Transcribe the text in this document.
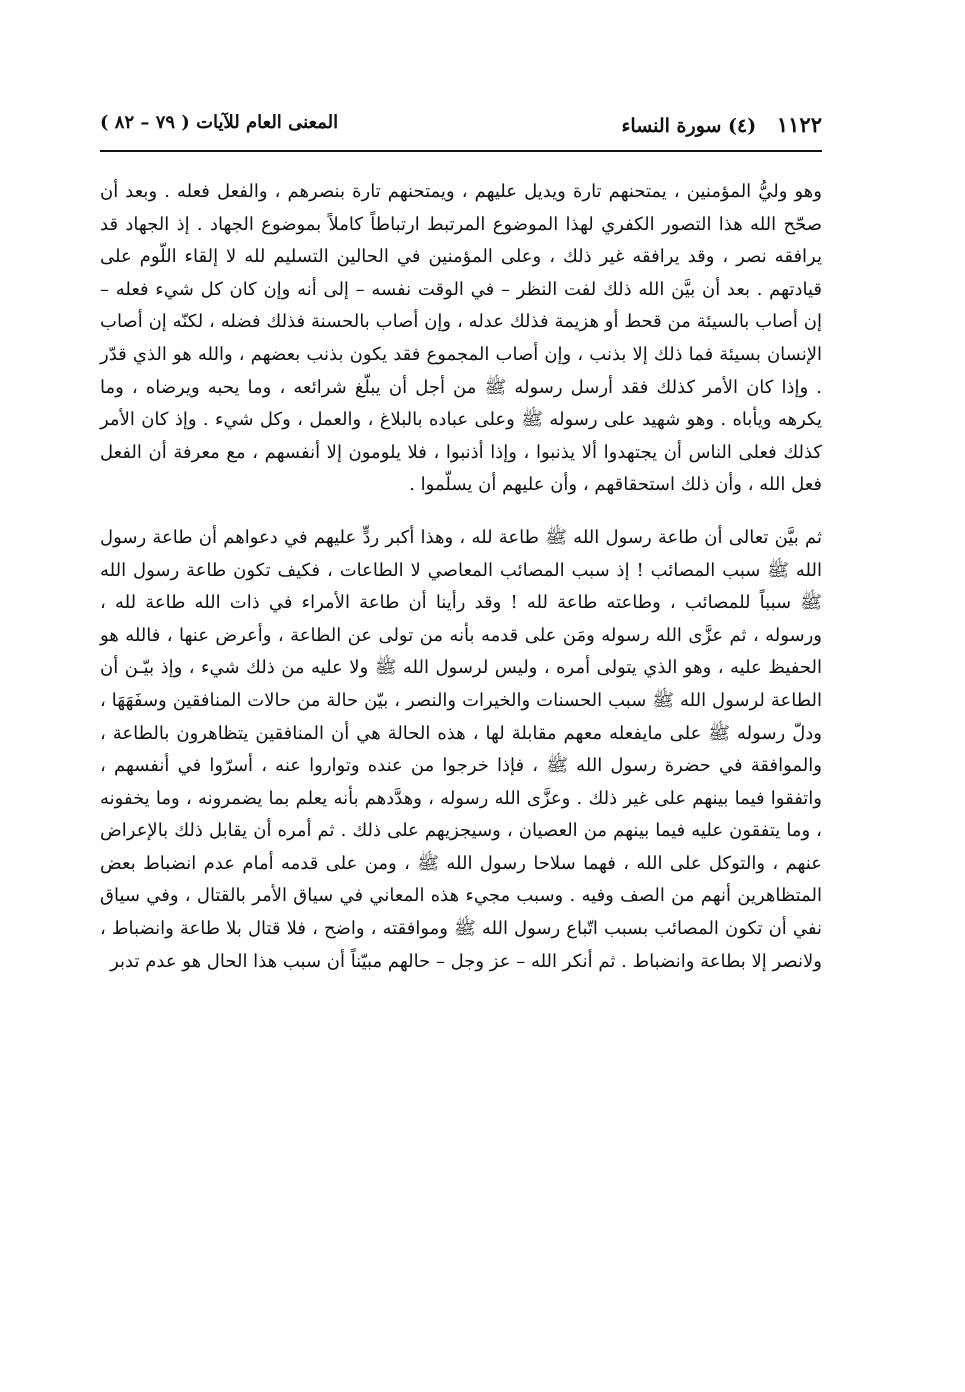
١١٢٢ (٤) سورة النساء
المعنى العام للآيات ( ٧٩ – ٨٢ )

وهو وليُّ المؤمنين ، يمتحنهم تارة ويديل عليهم ، ويمتحنهم تارة بنصرهم ، والفعل فعله . وبعد أن صحّح الله هذا التصور الكفري لهذا الموضوع المرتبط ارتباطاً كاملاً بموضوع الجهاد . إذ الجهاد قد يرافقه نصر ، وقد يرافقه غير ذلك ، وعلى المؤمنين في الحالين التسليم لله لا إلقاء اللّوم على قيادتهم . بعد أن بيَّن الله ذلك لفت النظر – في الوقت نفسه – إلى أنه وإن كان كل شيء فعله – إن أصاب بالسيئة من قحط أو هزيمة فذلك عدله ، وإن أصاب بالحسنة فذلك فضله ، لكنّه إن أصاب الإنسان بسيئة فما ذلك إلا بذنب ، وإن أصاب المجموع فقد يكون بذنب بعضهم ، والله هو الذي قدّر . وإذا كان الأمر كذلك فقد أرسل رسوله ﷺ من أجل أن يبلّغ شرائعه ، وما يحبه ويرضاه ، وما يكرهه ويأباه . وهو شهيد على رسوله ﷺ وعلى عباده بالبلاغ ، والعمل ، وكل شيء . وإذ كان الأمر كذلك فعلى الناس أن يجتهدوا ألا يذنبوا ، وإذا أذنبوا ، فلا يلومون إلا أنفسهم ، مع معرفة أن الفعل فعل الله ، وأن ذلك استحقاقهم ، وأن عليهم أن يسلّموا .

ثم بيَّن تعالى أن طاعة رسول الله ﷺ طاعة لله ، وهذا أكبر ردٍّ عليهم في دعواهم أن طاعة رسول الله ﷺ سبب المصائب ! إذ سبب المصائب المعاصي لا الطاعات ، فكيف تكون طاعة رسول الله ﷺ سبباً للمصائب ، وطاعته طاعة لله ! وقد رأينا أن طاعة الأمراء في ذات الله طاعة لله ، ورسوله ، ثم عزَّى الله رسوله ومَن على قدمه بأنه من تولى عن الطاعة ، وأعرض عنها ، فالله هو الحفيظ عليه ، وهو الذي يتولى أمره ، وليس لرسول الله ﷺ ولا عليه من ذلك شيء ، وإذ بيّـن أن الطاعة لرسول الله ﷺ سبب الحسنات والخيرات والنصر ، بيّن حالة من حالات المنافقين وسفَهَهَا ، ودلّ رسوله ﷺ على مايفعله معهم مقابلة لها ، هذه الحالة هي أن المنافقين يتظاهرون بالطاعة ، والموافقة في حضرة رسول الله ﷺ ، فإذا خرجوا من عنده وتواروا عنه ، أسرّوا في أنفسهم ، واتفقوا فيما بينهم على غير ذلك . وعزَّى الله رسوله ، وهدَّدهم بأنه يعلم بما يضمرونه ، وما يخفونه ، وما يتفقون عليه فيما بينهم من العصيان ، وسيجزيهم على ذلك . ثم أمره أن يقابل ذلك بالإعراض عنهم ، والتوكل على الله ، فهما سلاحا رسول الله ﷺ ، ومن على قدمه أمام عدم انضباط بعض المتظاهرين أنهم من الصف وفيه . وسبب مجيء هذه المعاني في سياق الأمر بالقتال ، وفي سياق نفي أن تكون المصائب بسبب اتّباع رسول الله ﷺ وموافقته ، واضح ، فلا قتال بلا طاعة وانضباط ، ولانصر إلا بطاعة وانضباط . ثم أنكر الله – عز وجل – حالهم مبيّناً أن سبب هذا الحال هو عدم تدبر
